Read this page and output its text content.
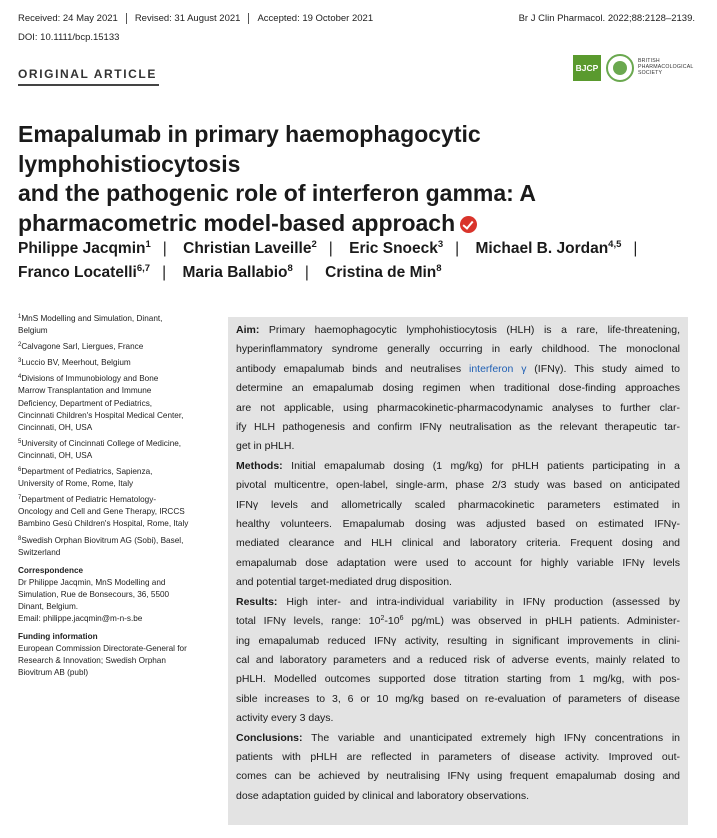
Received: 24 May 2021	Revised: 31 August 2021	Accepted: 19 October 2021
DOI: 10.1111/bcp.15133
Br J Clin Pharmacol. 2022;88:2128–2139.
ORIGINAL ARTICLE	BJCP
BRITISH
PHARMACOLOGICAL
SOCIETY
Emapalumab in primary haemophagocytic lymphohistiocytosis
and the pathogenic role of interferon gamma: A
pharmacometric model-based approach
Philippe Jacqmin$^1$ | Christian Laveille$^2$ | Eric Snoeck$^3$ | Michael B. Jordan$^{4,5}$ |
Franco Locatelli$^{6,7}$ | Maria Ballabio$^8$ | Cristina de Min$^8$
$^1$MnS Modelling and Simulation, Dinant,
Belgium
$^2$Calvagone Sarl, Liergues, France
$^3$Luccio BV, Meerhout, Belgium
$^4$Divisions of Immunobiology and Bone
Marrow Transplantation and Immune
Deficiency, Department of Pediatrics,
Cincinnati Children's Hospital Medical Center,
Cincinnati, OH, USA
$^5$University of Cincinnati College of Medicine,
Cincinnati, OH, USA
$^6$Department of Pediatrics, Sapienza,
University of Rome, Rome, Italy
$^7$Department of Pediatric Hematology-
Oncology and Cell and Gene Therapy, IRCCS
Bambino Gesù Children's Hospital, Rome, Italy
$^8$Swedish Orphan Biovitrum AG (Sobi), Basel,
Switzerland
Correspondence
Dr Philippe Jacqmin, MnS Modelling and
Simulation, Rue de Bonsecours, 36, 5500
Dinant, Belgium.
Email: philippe.jacqmin@m-n-s.be
Funding information
European Commission Directorate-General for
Research & Innovation; Swedish Orphan
Biovitrum AB (publ)
Aim: Primary haemophagocytic lymphohistiocytosis (HLH) is a rare, life-threatening,
hyperinflammatory syndrome generally occurring in early childhood. The monoclonal
antibody emapalumab binds and neutralises interferon γ (IFNγ). This study aimed to
determine an emapalumab dosing regimen when traditional dose-finding approaches
are not applicable, using pharmacokinetic-pharmacodynamic analyses to further clar-
ify HLH pathogenesis and confirm IFNγ neutralisation as the relevant therapeutic tar-
get in pHLH.
Methods: Initial emapalumab dosing (1 mg/kg) for pHLH patients participating in a
pivotal multicentre, open-label, single-arm, phase 2/3 study was based on anticipated
IFNγ levels and allometrically scaled pharmacokinetic parameters estimated in
healthy volunteers. Emapalumab dosing was adjusted based on estimated IFNγ-
mediated clearance and HLH clinical and laboratory criteria. Frequent dosing and
emapalumab dose adaptation were used to account for highly variable IFNγ levels
and potential target-mediated drug disposition.
Results: High inter- and intra-individual variability in IFNγ production (assessed by
total IFNγ levels, range: $10^2-10^6$ pg/mL) was observed in pHLH patients. Administer-
ing emapalumab reduced IFNγ activity, resulting in significant improvements in clini-
cal and laboratory parameters and a reduced risk of adverse events, mainly related to
pHLH. Modelled outcomes supported dose titration starting from 1 mg/kg, with pos-
sible increases to 3, 6 or 10 mg/kg based on re-evaluation of parameters of disease
activity every 3 days.
Conclusions: The variable and unanticipated extremely high IFNγ concentrations in
patients with pHLH are reflected in parameters of disease activity. Improved out-
comes can be achieved by neutralising IFNγ using frequent emapalumab dosing and
dose adaptation guided by clinical and laboratory observations.
